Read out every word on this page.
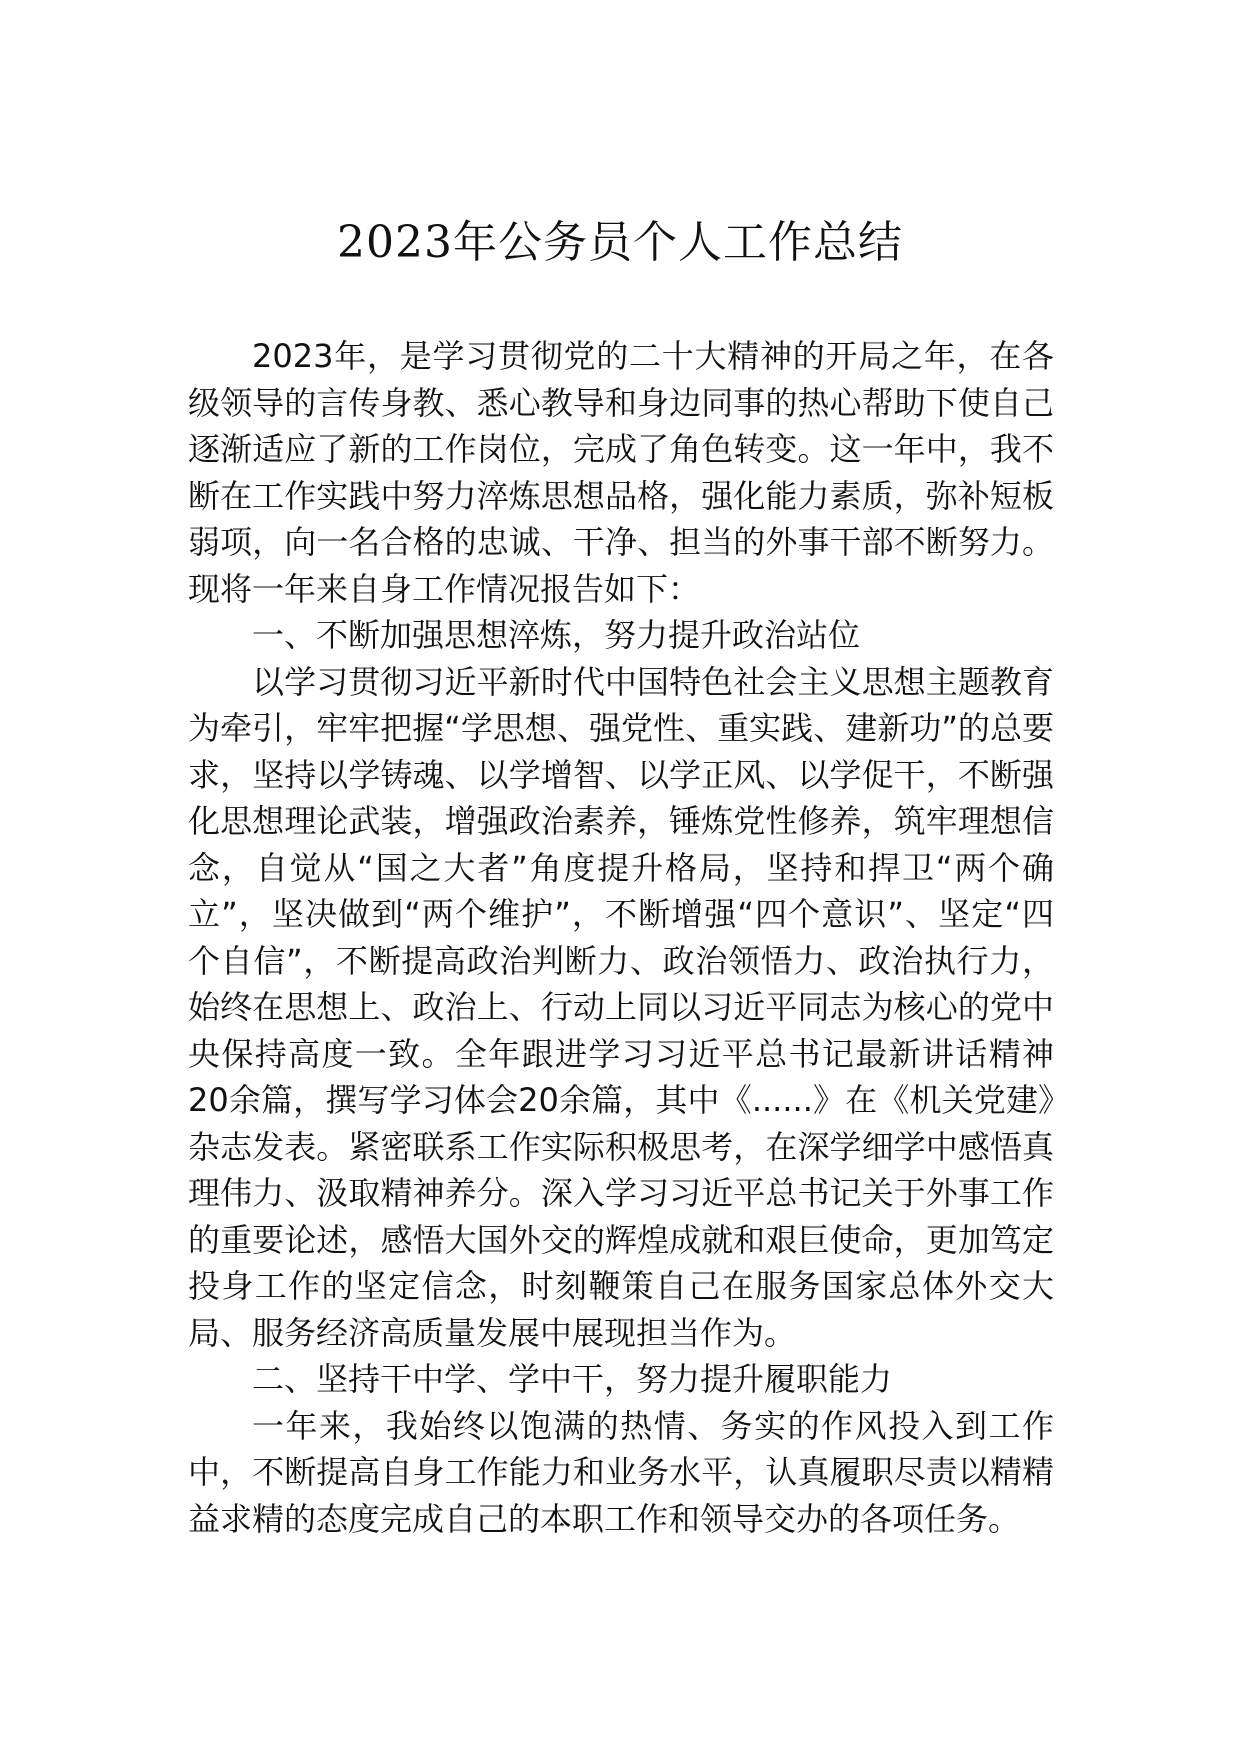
2023年公务员个人工作总结

2023年，是学习贯彻党的二十大精神的开局之年，在各级领导的言传身教、悉心教导和身边同事的热心帮助下使自己逐渐适应了新的工作岗位，完成了角色转变。这一年中，我不断在工作实践中努力淬炼思想品格，强化能力素质，弥补短板弱项，向一名合格的忠诚、干净、担当的外事干部不断努力。现将一年来自身工作情况报告如下：

一、不断加强思想淬炼，努力提升政治站位

以学习贯彻习近平新时代中国特色社会主义思想主题教育为牵引，牢牢把握“学思想、强党性、重实践、建新功”的总要求，坚持以学铸魂、以学增智、以学正风、以学促干，不断强化思想理论武装，增强政治素养，锤炼党性修养，筑牢理想信念，自觉从“国之大者”角度提升格局，坚持和捍卫“两个确立”，坚决做到“两个维护”，不断增强“四个意识”、坚定“四个自信”，不断提高政治判断力、政治领悟力、政治执行力，始终在思想上、政治上、行动上同以习近平同志为核心的党中央保持高度一致。全年跟进学习习近平总书记最新讲话精神20余篇，撰写学习体会20余篇，其中《......》在《机关党建》杂志发表。紧密联系工作实际积极思考，在深学细学中感悟真理伟力、汲取精神养分。深入学习习近平总书记关于外事工作的重要论述，感悟大国外交的辉煌成就和艰巨使命，更加笃定投身工作的坚定信念，时刻鞭策自己在服务国家总体外交大局、服务经济高质量发展中展现担当作为。

二、坚持干中学、学中干，努力提升履职能力

一年来，我始终以饱满的热情、务实的作风投入到工作中，不断提高自身工作能力和业务水平，认真履职尽责以精精益求精的态度完成自己的本职工作和领导交办的各项任务。
